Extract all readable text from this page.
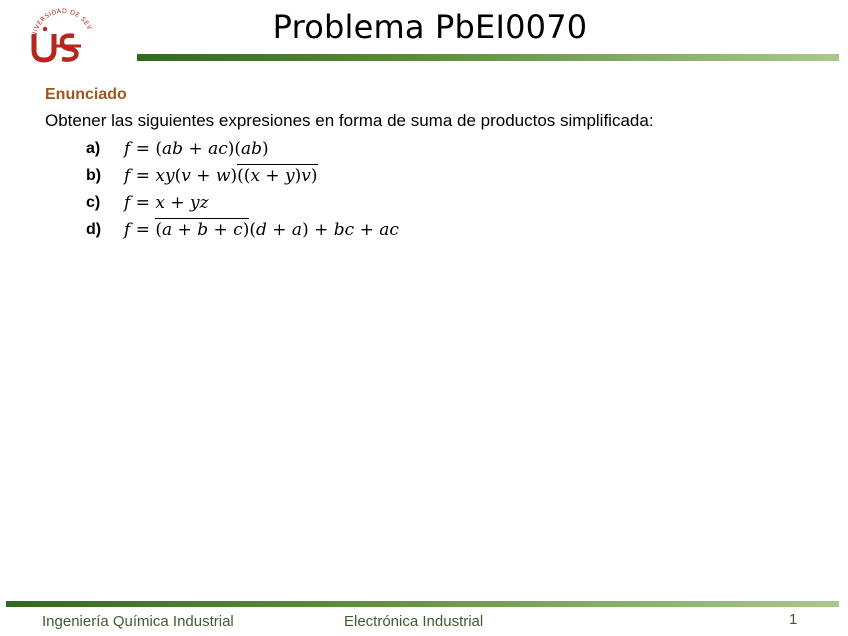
UNIVERSIDAD DE SEV	Problema PbEI0070
Enunciado
Obtener las siguientes expresiones en forma de suma de productos simplificada:
a)	f = (ab + ac)(ab)
b)	f = xy(v + w)((x + y)v)
c)	f = x + yz
d)	f = (a + b + c)(d + a) + bc + ac
Ingeniería Química Industrial	Electrónica Industrial	1
